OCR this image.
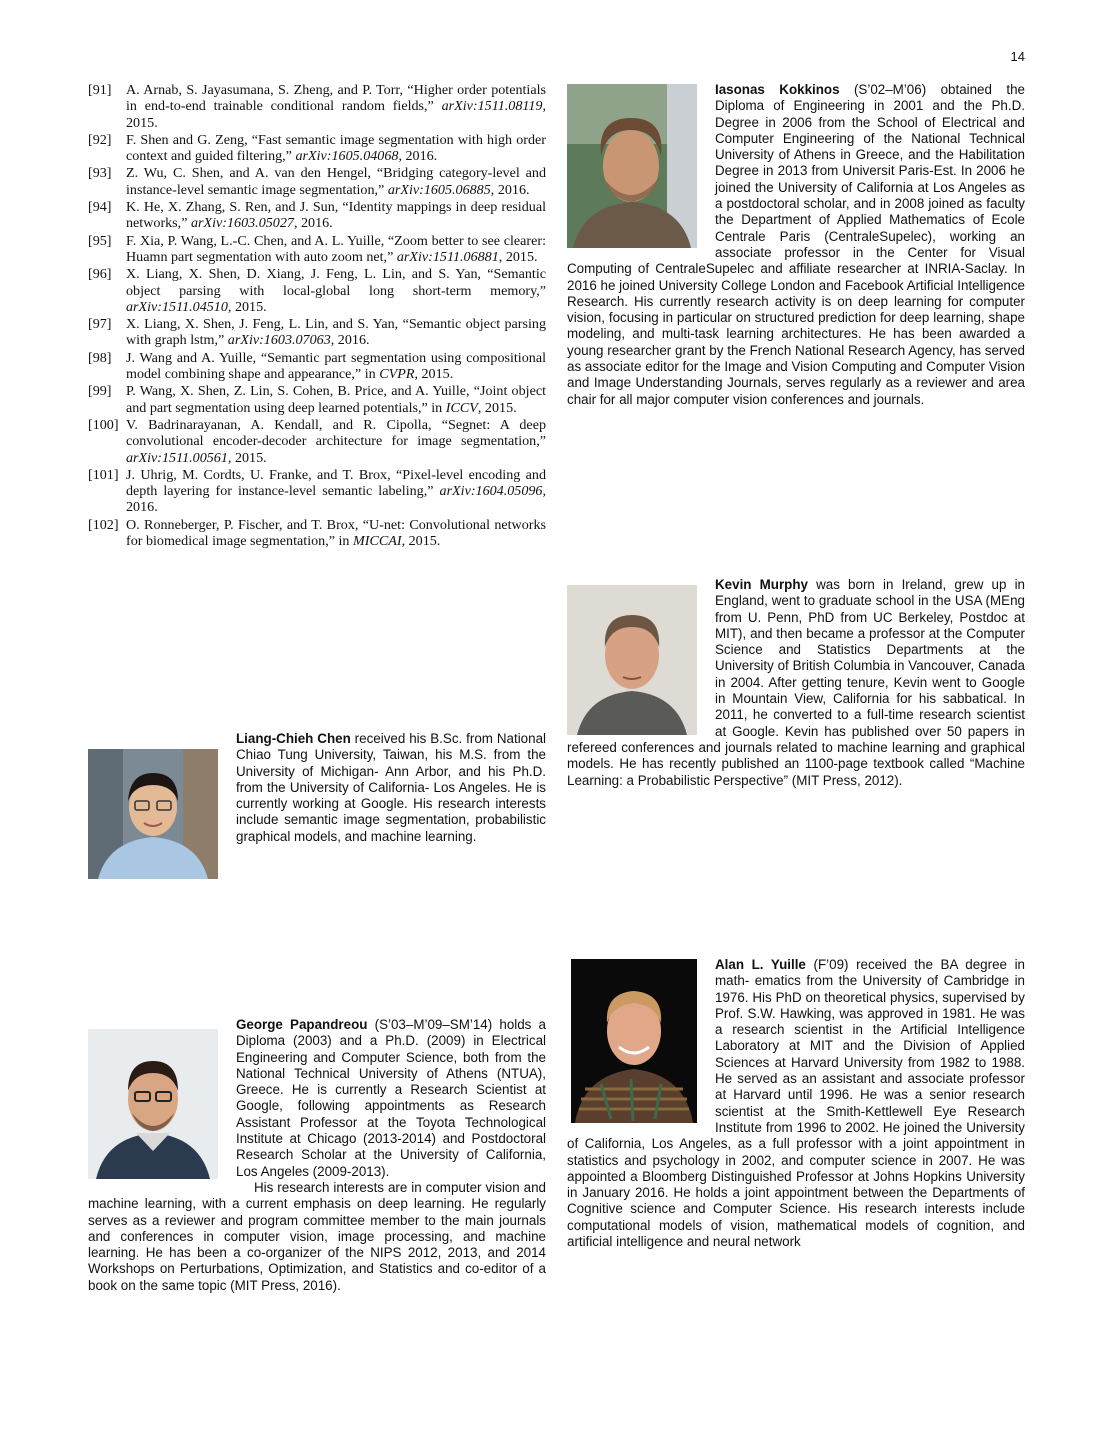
14
[91]	A. Arnab, S. Jayasumana, S. Zheng, and P. Torr, “Higher order potentials in end-to-end trainable conditional random fields,” arXiv:1511.08119, 2015.
[92]	F. Shen and G. Zeng, “Fast semantic image segmentation with high order context and guided filtering,” arXiv:1605.04068, 2016.
[93]	Z. Wu, C. Shen, and A. van den Hengel, “Bridging category-level and instance-level semantic image segmentation,” arXiv:1605.06885, 2016.
[94]	K. He, X. Zhang, S. Ren, and J. Sun, “Identity mappings in deep residual networks,” arXiv:1603.05027, 2016.
[95]	F. Xia, P. Wang, L.-C. Chen, and A. L. Yuille, “Zoom better to see clearer: Huamn part segmentation with auto zoom net,” arXiv:1511.06881, 2015.
[96]	X. Liang, X. Shen, D. Xiang, J. Feng, L. Lin, and S. Yan, “Semantic object parsing with local-global long short-term memory,” arXiv:1511.04510, 2015.
[97]	X. Liang, X. Shen, J. Feng, L. Lin, and S. Yan, “Semantic object parsing with graph lstm,” arXiv:1603.07063, 2016.
[98]	J. Wang and A. Yuille, “Semantic part segmentation using compositional model combining shape and appearance,” in CVPR, 2015.
[99]	P. Wang, X. Shen, Z. Lin, S. Cohen, B. Price, and A. Yuille, “Joint object and part segmentation using deep learned potentials,” in ICCV, 2015.
[100] V. Badrinarayanan, A. Kendall, and R. Cipolla, “Segnet: A deep convolutional encoder-decoder architecture for image segmentation,” arXiv:1511.00561, 2015.
[101] J. Uhrig, M. Cordts, U. Franke, and T. Brox, “Pixel-level encoding and depth layering for instance-level semantic labeling,” arXiv:1604.05096, 2016.
[102] O. Ronneberger, P. Fischer, and T. Brox, “U-net: Convolutional networks for biomedical image segmentation,” in MICCAI, 2015.
Liang-Chieh Chen received his B.Sc. from National Chiao Tung University, Taiwan, his M.S. from the University of Michigan- Ann Arbor, and his Ph.D. from the University of California- Los Angeles. He is currently working at Google. His research interests include semantic image segmentation, probabilistic graphical models, and machine learning.
George Papandreou (S’03–M’09–SM’14) holds a Diploma (2003) and a Ph.D. (2009) in Electrical Engineering and Computer Science, both from the National Technical University of Athens (NTUA), Greece. He is currently a Research Scientist at Google, following appointments as Research Assistant Professor at the Toyota Technological Institute at Chicago (2013-2014) and Postdoctoral Research Scholar at the University of California, Los Angeles (2009-2013).
His research interests are in computer vision and machine learning, with a current emphasis on deep learning. He regularly serves as a reviewer and program committee member to the main journals and conferences in computer vision, image processing, and machine learning. He has been a co-organizer of the NIPS 2012, 2013, and 2014 Workshops on Perturbations, Optimization, and Statistics and co-editor of a book on the same topic (MIT Press, 2016).
Iasonas Kokkinos (S’02–M’06) obtained the Diploma of Engineering in 2001 and the Ph.D. Degree in 2006 from the School of Electrical and Computer Engineering of the National Technical University of Athens in Greece, and the Habilitation Degree in 2013 from Universit Paris-Est. In 2006 he joined the University of California at Los Angeles as a postdoctoral scholar, and in 2008 joined as faculty the Department of Applied Mathematics of Ecole Centrale Paris (CentraleSupelec), working an associate professor in the Center for Visual Computing of CentraleSupelec and affiliate researcher at INRIA-Saclay. In 2016 he joined University College London and Facebook Artificial Intelligence Research. His currently research activity is on deep learning for computer vision, focusing in particular on structured prediction for deep learning, shape modeling, and multi-task learning architectures. He has been awarded a young researcher grant by the French National Research Agency, has served as associate editor for the Image and Vision Computing and Computer Vision and Image Understanding Journals, serves regularly as a reviewer and area chair for all major computer vision conferences and journals.
Kevin Murphy was born in Ireland, grew up in England, went to graduate school in the USA (MEng from U. Penn, PhD from UC Berkeley, Postdoc at MIT), and then became a professor at the Computer Science and Statistics Departments at the University of British Columbia in Vancouver, Canada in 2004. After getting tenure, Kevin went to Google in Mountain View, California for his sabbatical. In 2011, he converted to a full-time research scientist at Google. Kevin has published over 50 papers in refereed conferences and journals related to machine learning and graphical models. He has recently published an 1100-page textbook called “Machine Learning: a Probabilistic Perspective” (MIT Press, 2012).
Alan L. Yuille (F’09) received the BA degree in math- ematics from the University of Cambridge in 1976. His PhD on theoretical physics, supervised by Prof. S.W. Hawking, was approved in 1981. He was a research scientist in the Artificial Intelligence Laboratory at MIT and the Division of Applied Sciences at Harvard University from 1982 to 1988. He served as an assistant and associate professor at Harvard until 1996. He was a senior research scientist at the Smith-Kettlewell Eye Research Institute from 1996 to 2002. He joined the University of California, Los Angeles, as a full professor with a joint appointment in statistics and psychology in 2002, and computer science in 2007. He was appointed a Bloomberg Distinguished Professor at Johns Hopkins University in January 2016. He holds a joint appointment between the Departments of Cognitive science and Computer Science. His research interests include computational models of vision, mathematical models of cognition, and artificial intelligence and neural network
